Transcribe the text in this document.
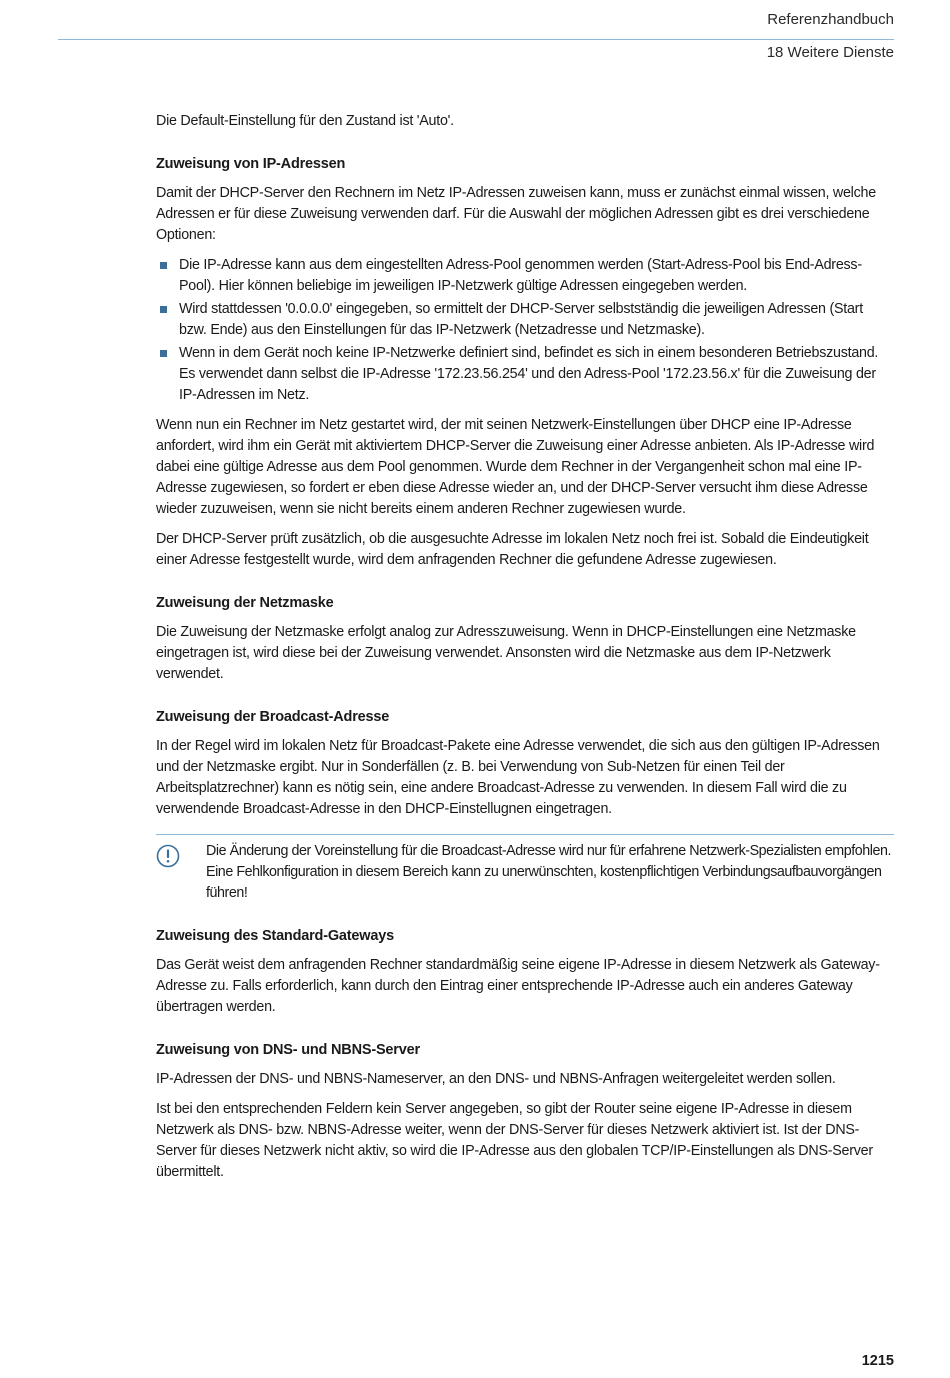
Referenzhandbuch
18 Weitere Dienste

Die Default-Einstellung für den Zustand ist 'Auto'.

Zuweisung von IP-Adressen

Damit der DHCP-Server den Rechnern im Netz IP-Adressen zuweisen kann, muss er zunächst einmal wissen, welche Adressen er für diese Zuweisung verwenden darf. Für die Auswahl der möglichen Adressen gibt es drei verschiedene Optionen:

Die IP-Adresse kann aus dem eingestellten Adress-Pool genommen werden (Start-Adress-Pool bis End-Adress-Pool). Hier können beliebige im jeweiligen IP-Netzwerk gültige Adressen eingegeben werden.
Wird stattdessen '0.0.0.0' eingegeben, so ermittelt der DHCP-Server selbstständig die jeweiligen Adressen (Start bzw. Ende) aus den Einstellungen für das IP-Netzwerk (Netzadresse und Netzmaske).
Wenn in dem Gerät noch keine IP-Netzwerke definiert sind, befindet es sich in einem besonderen Betriebszustand. Es verwendet dann selbst die IP-Adresse '172.23.56.254' und den Adress-Pool '172.23.56.x' für die Zuweisung der IP-Adressen im Netz.

Wenn nun ein Rechner im Netz gestartet wird, der mit seinen Netzwerk-Einstellungen über DHCP eine IP-Adresse anfordert, wird ihm ein Gerät mit aktiviertem DHCP-Server die Zuweisung einer Adresse anbieten. Als IP-Adresse wird dabei eine gültige Adresse aus dem Pool genommen. Wurde dem Rechner in der Vergangenheit schon mal eine IP-Adresse zugewiesen, so fordert er eben diese Adresse wieder an, und der DHCP-Server versucht ihm diese Adresse wieder zuzuweisen, wenn sie nicht bereits einem anderen Rechner zugewiesen wurde.

Der DHCP-Server prüft zusätzlich, ob die ausgesuchte Adresse im lokalen Netz noch frei ist. Sobald die Eindeutigkeit einer Adresse festgestellt wurde, wird dem anfragenden Rechner die gefundene Adresse zugewiesen.

Zuweisung der Netzmaske

Die Zuweisung der Netzmaske erfolgt analog zur Adresszuweisung. Wenn in DHCP-Einstellungen eine Netzmaske eingetragen ist, wird diese bei der Zuweisung verwendet. Ansonsten wird die Netzmaske aus dem IP-Netzwerk verwendet.

Zuweisung der Broadcast-Adresse

In der Regel wird im lokalen Netz für Broadcast-Pakete eine Adresse verwendet, die sich aus den gültigen IP-Adressen und der Netzmaske ergibt. Nur in Sonderfällen (z. B. bei Verwendung von Sub-Netzen für einen Teil der Arbeitsplatzrechner) kann es nötig sein, eine andere Broadcast-Adresse zu verwenden. In diesem Fall wird die zu verwendende Broadcast-Adresse in den DHCP-Einstellugnen eingetragen.

Die Änderung der Voreinstellung für die Broadcast-Adresse wird nur für erfahrene Netzwerk-Spezialisten empfohlen. Eine Fehlkonfiguration in diesem Bereich kann zu unerwünschten, kostenpflichtigen Verbindungsaufbauvorgängen führen!
Zuweisung des Standard-Gateways

Das Gerät weist dem anfragenden Rechner standardmäßig seine eigene IP-Adresse in diesem Netzwerk als Gateway-Adresse zu. Falls erforderlich, kann durch den Eintrag einer entsprechende IP-Adresse auch ein anderes Gateway übertragen werden.

Zuweisung von DNS- und NBNS-Server

IP-Adressen der DNS- und NBNS-Nameserver, an den DNS- und NBNS-Anfragen weitergeleitet werden sollen.

Ist bei den entsprechenden Feldern kein Server angegeben, so gibt der Router seine eigene IP-Adresse in diesem Netzwerk als DNS- bzw. NBNS-Adresse weiter, wenn der DNS-Server für dieses Netzwerk aktiviert ist. Ist der DNS-Server für dieses Netzwerk nicht aktiv, so wird die IP-Adresse aus den globalen TCP/IP-Einstellungen als DNS-Server übermittelt.

1215
